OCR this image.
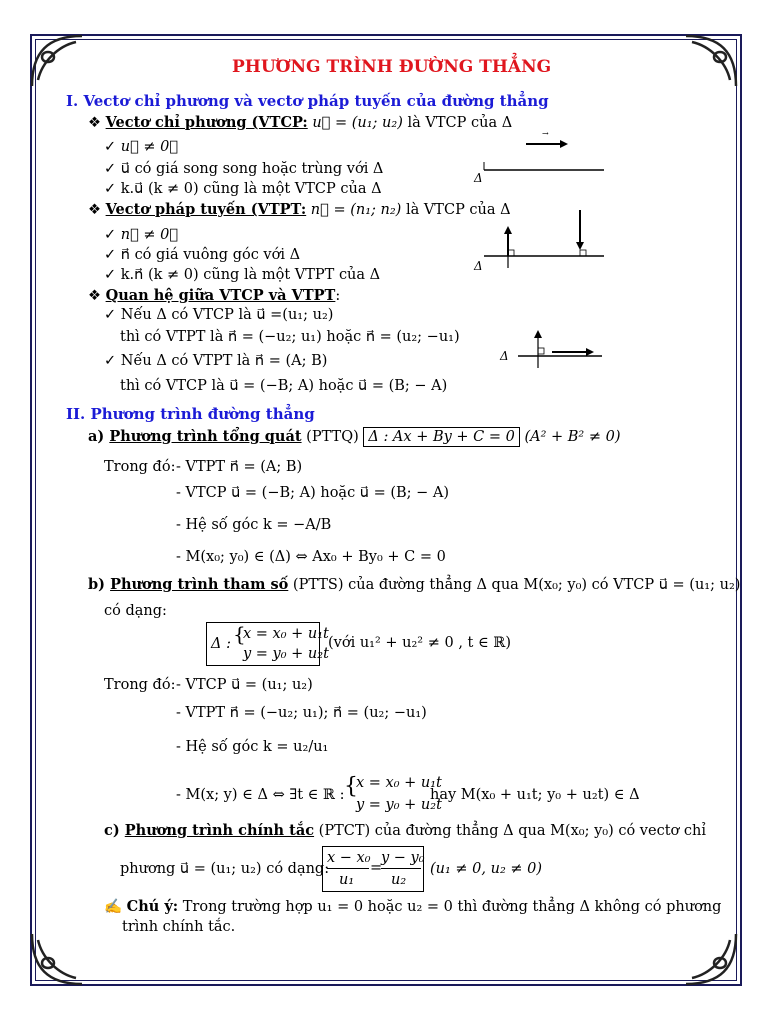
PHƯƠNG TRÌNH ĐƯỜNG THẲNG
I. Vectơ chỉ phương và vectơ pháp tuyến của đường thẳng
❖ Vectơ chỉ phương (VTCP: u⃗ = (u₁; u₂) là VTCP của Δ
✓ u⃗ ≠ 0⃗
✓ u⃗ có giá song song hoặc trùng với Δ
✓ k.u⃗ (k ≠ 0) cũng là một VTCP của Δ
❖ Vectơ pháp tuyến (VTPT: n⃗ = (n₁; n₂) là VTCP của Δ
✓ n⃗ ≠ 0⃗
✓ n⃗ có giá vuông góc với Δ
✓ k.n⃗ (k ≠ 0) cũng là một VTPT của Δ
❖ Quan hệ giữa VTCP và VTPT:
✓ Nếu Δ có VTCP là u⃗ =(u₁; u₂)
thì có VTPT là n⃗ = (−u₂; u₁) hoặc n⃗ = (u₂; −u₁)
✓ Nếu Δ có VTPT là n⃗ = (A; B)
thì có VTCP là u⃗ = (−B; A) hoặc u⃗ = (B; − A)
→
Δ
Δ
Δ
II. Phương trình đường thẳng
a) Phương trình tổng quát (PTTQ) Δ : Ax + By + C = 0 (A² + B² ≠ 0)
Trong đó: - VTPT n⃗ = (A; B)
- VTCP u⃗ = (−B; A) hoặc u⃗ = (B; − A)
- Hệ số góc k = −A/B
- M(x₀; y₀) ∈ (Δ) ⇔ Ax₀ + By₀ + C = 0
b) Phương trình tham số (PTTS) của đường thẳng Δ qua M(x₀; y₀) có VTCP u⃗ = (u₁; u₂)
có dạng:
Δ : {
x = x₀ + u₁t
y = y₀ + u₂t
(với u₁² + u₂² ≠ 0 , t ∈ ℝ)
Trong đó: - VTCP u⃗ = (u₁; u₂)
- VTPT n⃗ = (−u₂; u₁); n⃗ = (u₂; −u₁)
- Hệ số góc k = u₂/u₁
- M(x; y) ∈ Δ ⇔ ∃t ∈ ℝ : {
x = x₀ + u₁t
y = y₀ + u₂t
hay M(x₀ + u₁t; y₀ + u₂t) ∈ Δ
c) Phương trình chính tắc (PTCT) của đường thẳng Δ qua M(x₀; y₀) có vectơ chỉ
phương u⃗ = (u₁; u₂) có dạng:
x − x₀
u₁
=
y − y₀
u₂
(u₁ ≠ 0, u₂ ≠ 0)
✍ Chú ý: Trong trường hợp u₁ = 0 hoặc u₂ = 0 thì đường thẳng Δ không có phương
trình chính tắc.
